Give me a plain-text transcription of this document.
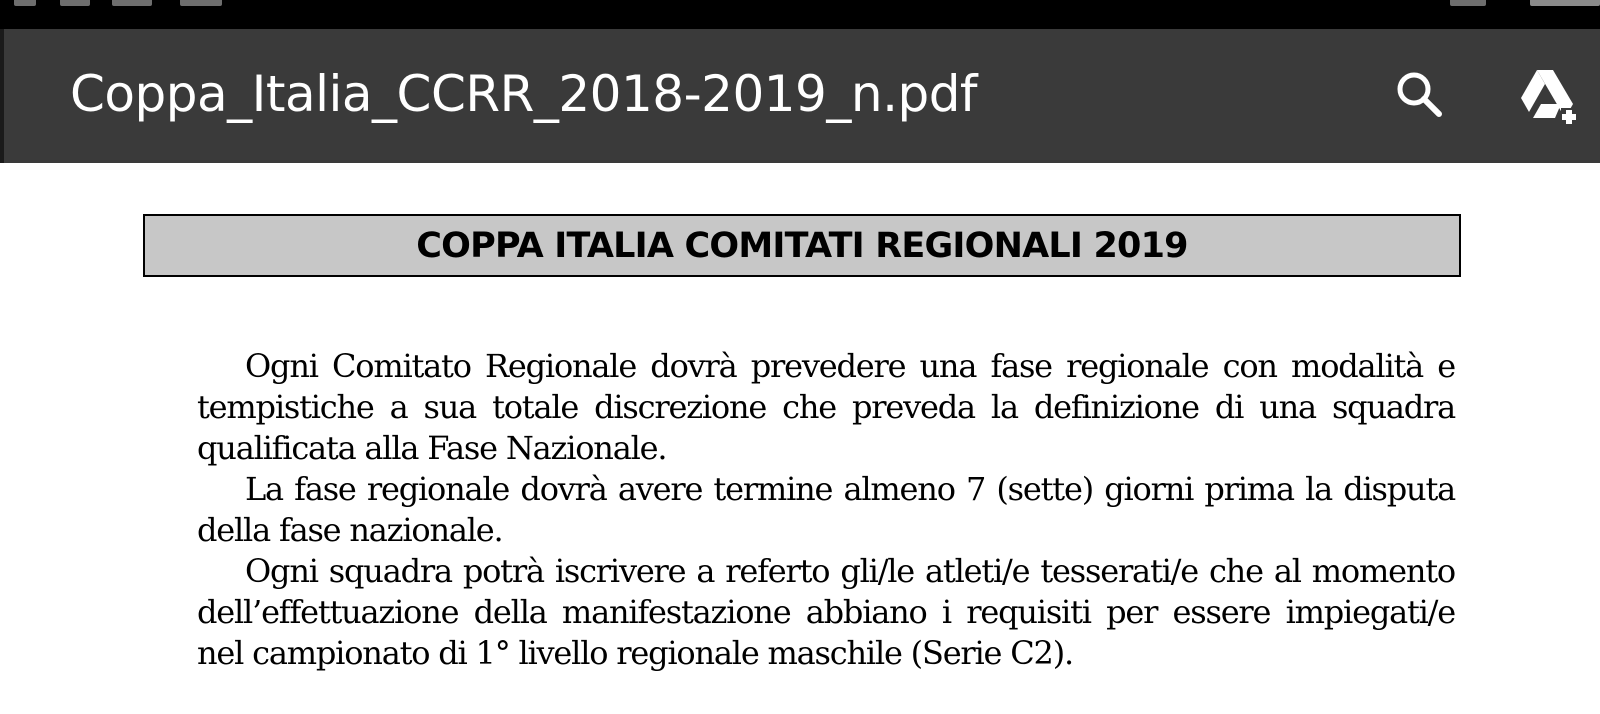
Coppa_Italia_CCRR_2018-2019_n.pdf
COPPA ITALIA COMITATI REGIONALI 2019

Ogni Comitato Regionale dovrà prevedere una fase regionale con modalità e tempistiche a sua totale discrezione che preveda la definizione di una squadra qualificata alla Fase Nazionale.

La fase regionale dovrà avere termine almeno 7 (sette) giorni prima la disputa della fase nazionale.

Ogni squadra potrà iscrivere a referto gli/le atleti/e tesserati/e che al momento dell’effettuazione della manifestazione abbiano i requisiti per essere impiegati/e nel campionato di 1° livello regionale maschile (Serie C2).
